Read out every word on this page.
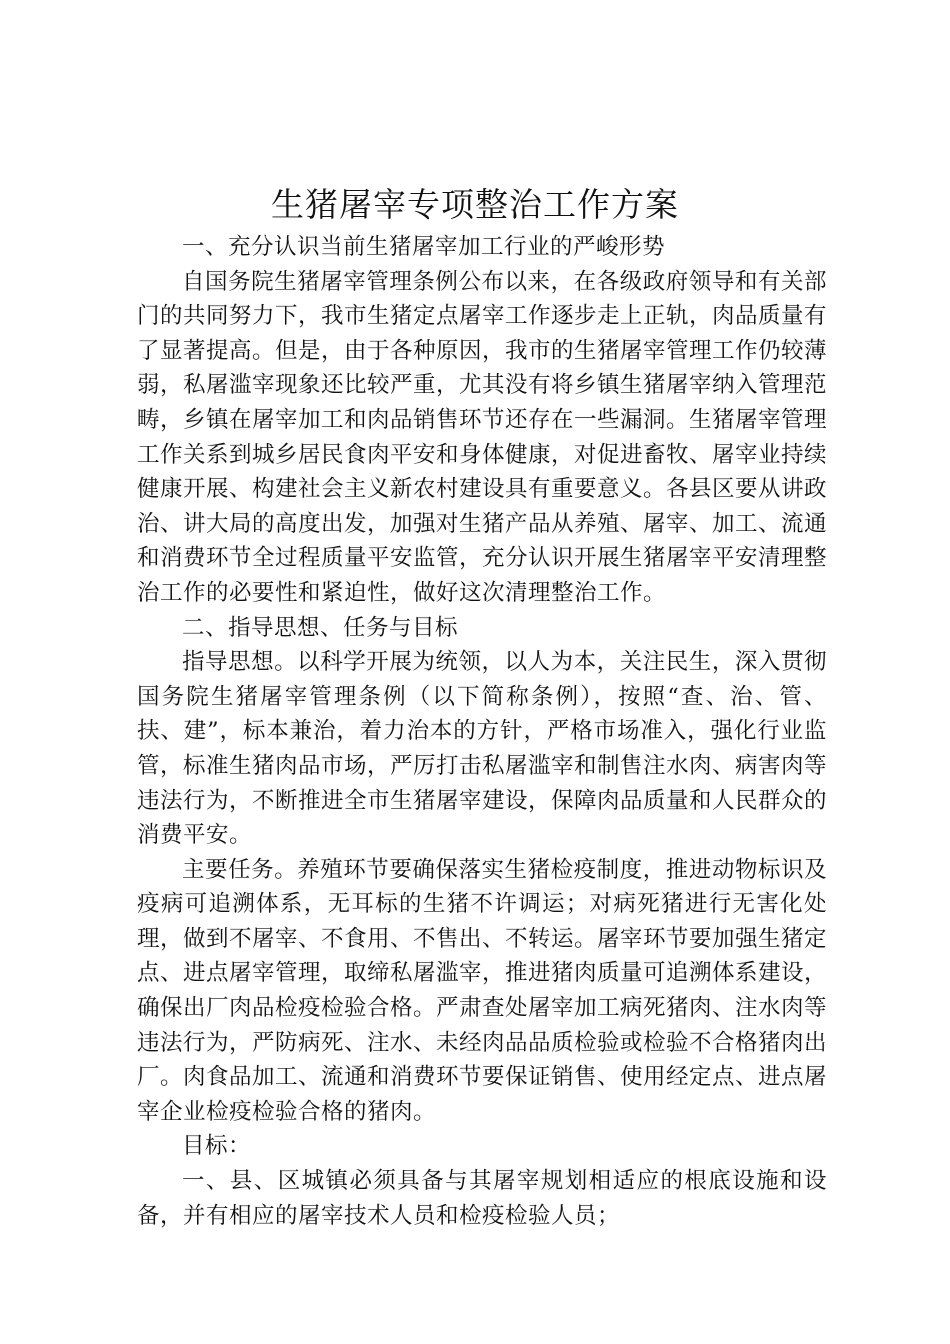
生猪屠宰专项整治工作方案

一、充分认识当前生猪屠宰加工行业的严峻形势

自国务院生猪屠宰管理条例公布以来，在各级政府领导和有关部门的共同努力下，我市生猪定点屠宰工作逐步走上正轨，肉品质量有了显著提高。但是，由于各种原因，我市的生猪屠宰管理工作仍较薄弱，私屠滥宰现象还比较严重，尤其没有将乡镇生猪屠宰纳入管理范畴，乡镇在屠宰加工和肉品销售环节还存在一些漏洞。生猪屠宰管理工作关系到城乡居民食肉平安和身体健康，对促进畜牧、屠宰业持续健康开展、构建社会主义新农村建设具有重要意义。各县区要从讲政治、讲大局的高度出发，加强对生猪产品从养殖、屠宰、加工、流通和消费环节全过程质量平安监管，充分认识开展生猪屠宰平安清理整治工作的必要性和紧迫性，做好这次清理整治工作。

二、指导思想、任务与目标

指导思想。以科学开展为统领，以人为本，关注民生，深入贯彻国务院生猪屠宰管理条例（以下简称条例），按照“查、治、管、扶、建”，标本兼治，着力治本的方针，严格市场准入，强化行业监管，标准生猪肉品市场，严厉打击私屠滥宰和制售注水肉、病害肉等违法行为，不断推进全市生猪屠宰建设，保障肉品质量和人民群众的消费平安。

主要任务。养殖环节要确保落实生猪检疫制度，推进动物标识及疫病可追溯体系，无耳标的生猪不许调运；对病死猪进行无害化处理，做到不屠宰、不食用、不售出、不转运。屠宰环节要加强生猪定点、进点屠宰管理，取缔私屠滥宰，推进猪肉质量可追溯体系建设，确保出厂肉品检疫检验合格。严肃查处屠宰加工病死猪肉、注水肉等违法行为，严防病死、注水、未经肉品品质检验或检验不合格猪肉出厂。肉食品加工、流通和消费环节要保证销售、使用经定点、进点屠宰企业检疫检验合格的猪肉。

目标：

一、县、区城镇必须具备与其屠宰规划相适应的根底设施和设备，并有相应的屠宰技术人员和检疫检验人员；
